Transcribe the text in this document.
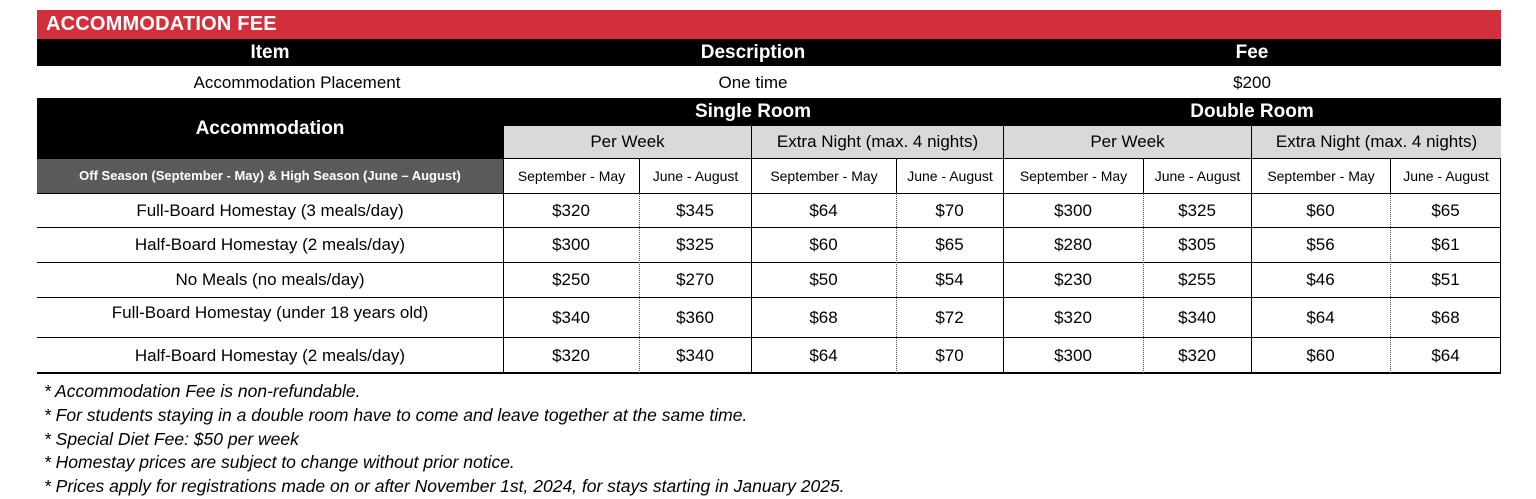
ACCOMMODATION FEE
Item	Description	Fee
Accommodation Placement	One time	$200
Accommodation
Single Room	Double Room
Per Week	Extra Night (max. 4 nights)	Per Week	Extra Night (max. 4 nights)
Off Season (September - May) & High Season (June – August)	September - May	June - August	September - May	June - August	September - May	June - August	September - May	June - August
Full-Board Homestay (3 meals/day)	$320	$345	$64	$70	$300	$325	$60	$65
Half-Board Homestay (2 meals/day)	$300	$325	$60	$65	$280	$305	$56	$61
No Meals (no meals/day)	$250	$270	$50	$54	$230	$255	$46	$51
Full-Board Homestay (under 18 years old)	$340	$360	$68	$72	$320	$340	$64	$68
Half-Board Homestay (2 meals/day)	$320	$340	$64	$70	$300	$320	$60	$64
* Accommodation Fee is non-refundable.
* For students staying in a double room have to come and leave together at the same time.
* Special Diet Fee: $50 per week
* Homestay prices are subject to change without prior notice.
* Prices apply for registrations made on or after November 1st, 2024, for stays starting in January 2025.
